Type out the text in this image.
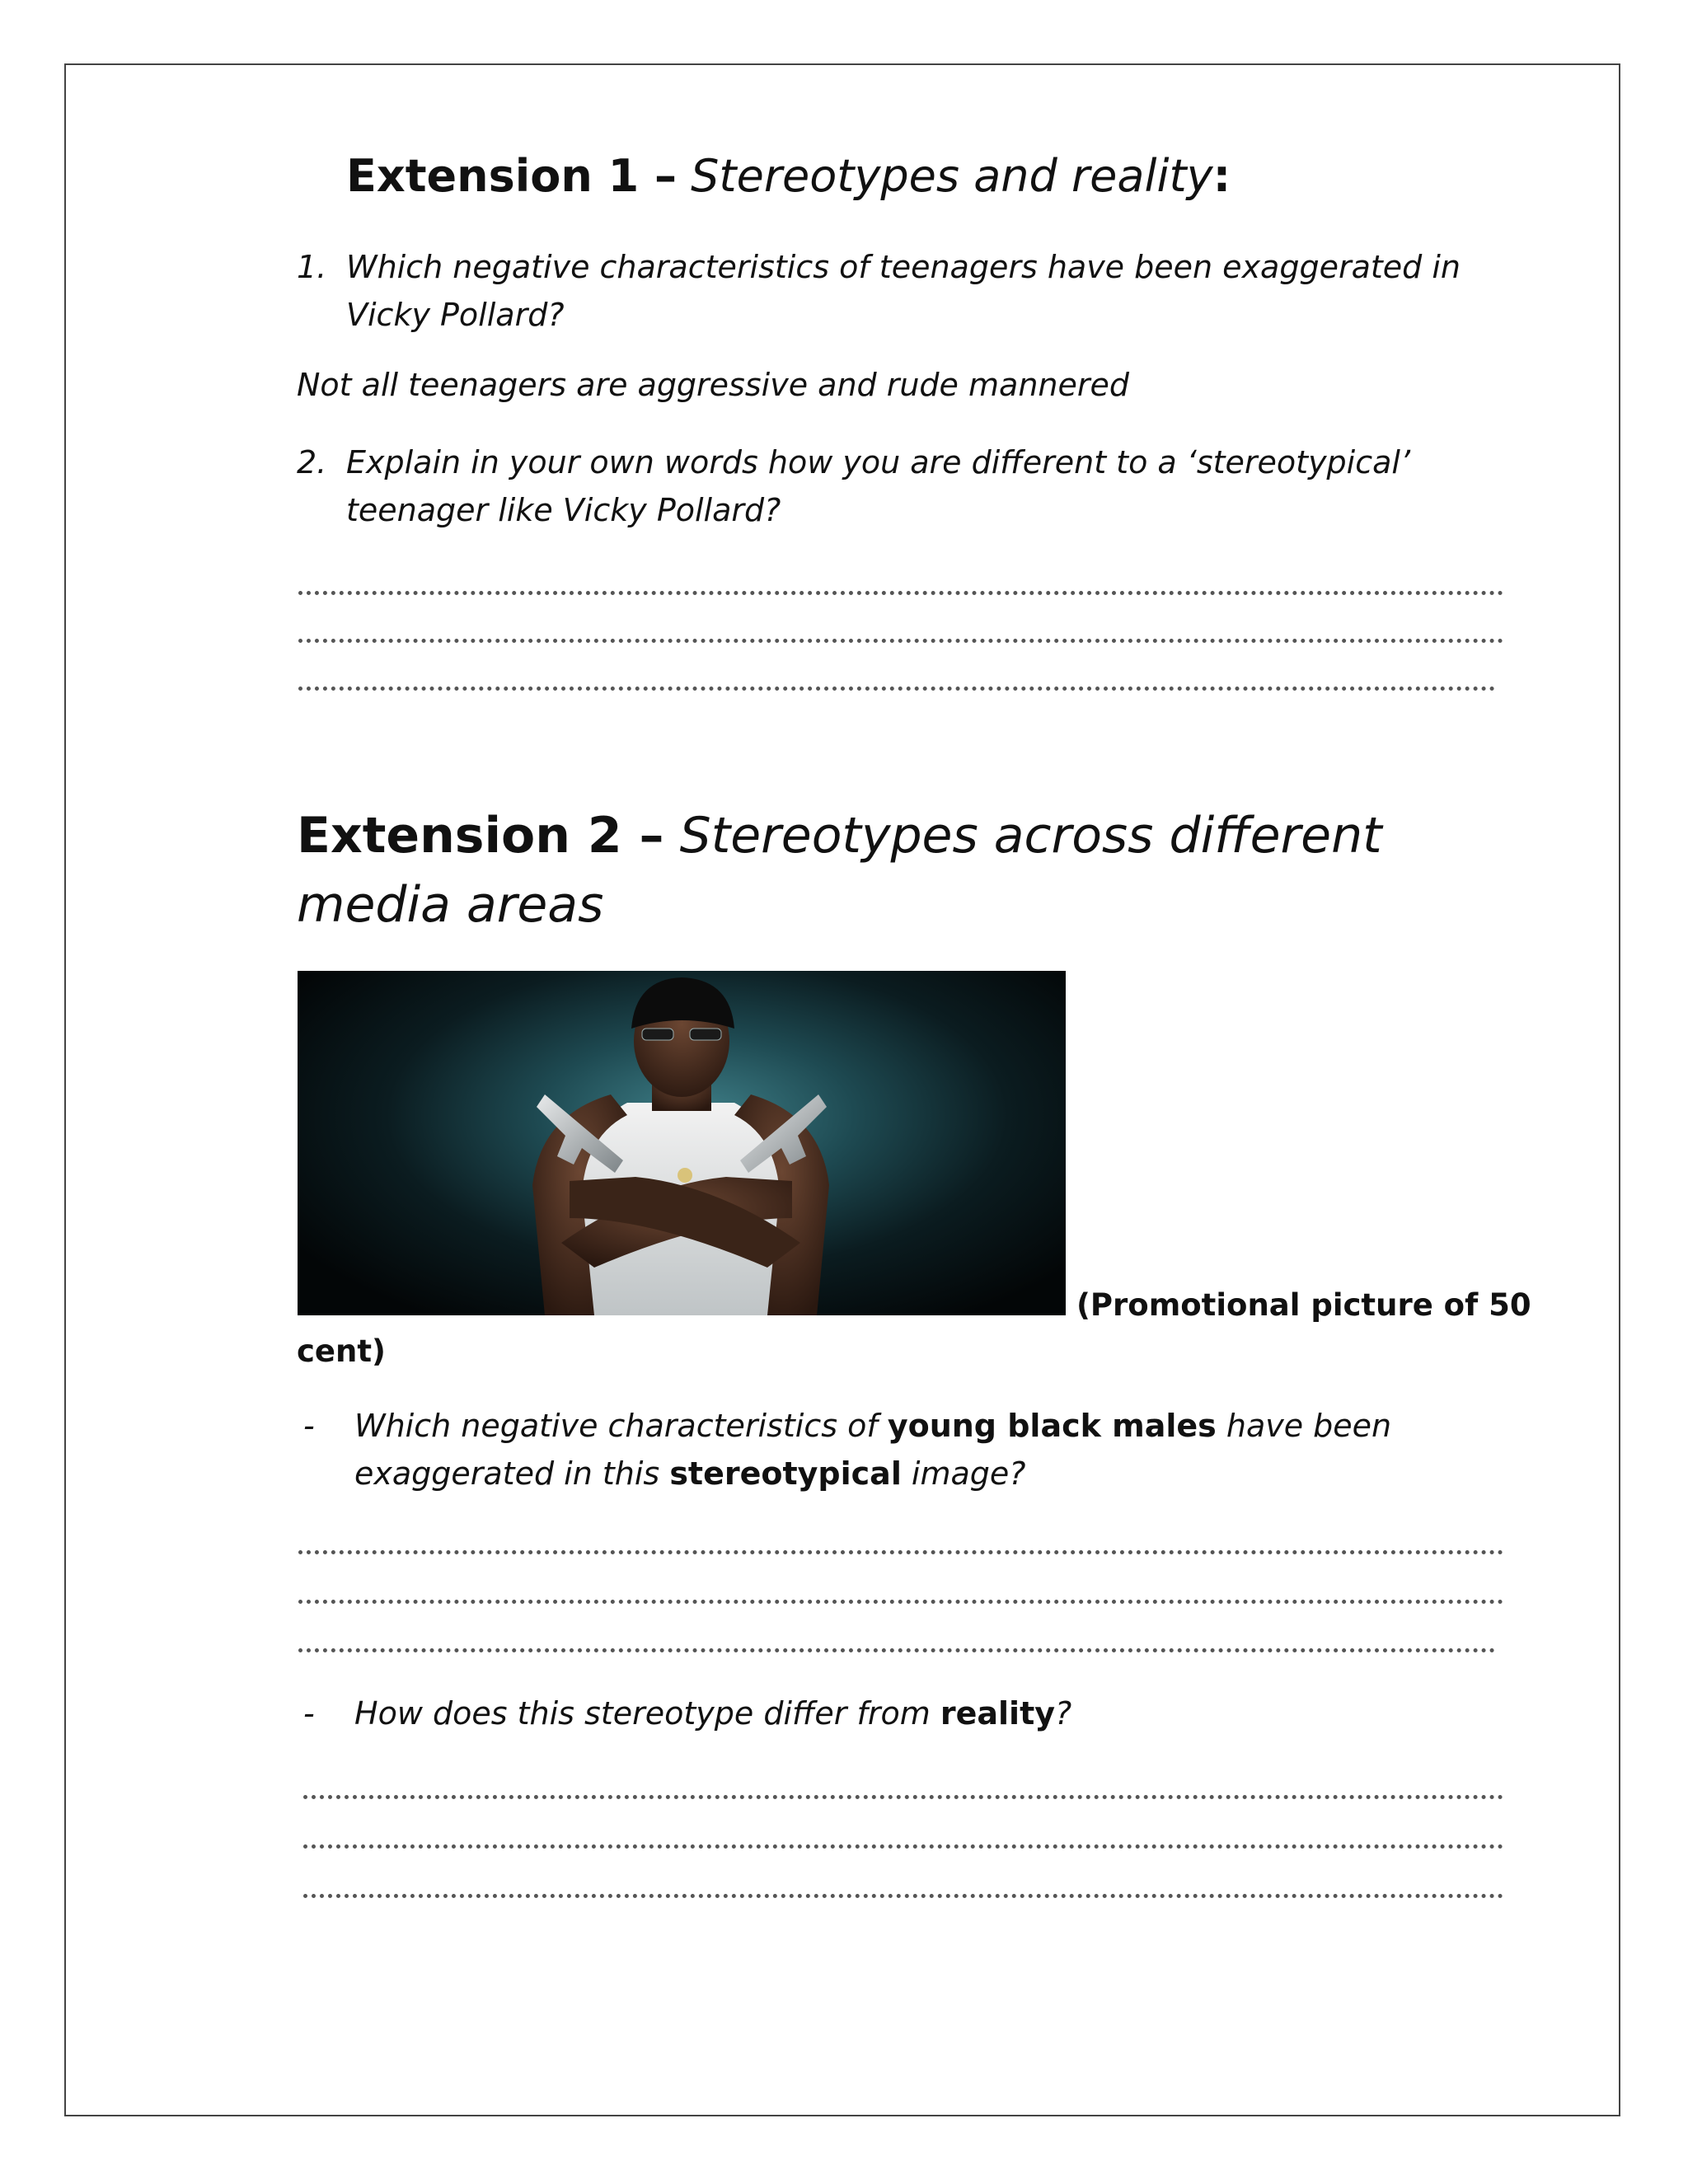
Extension 1 – Stereotypes and reality:
1. Which negative characteristics of teenagers have been exaggerated in Vicky Pollard?
Not all teenagers are aggressive and rude mannered
2. Explain in your own words how you are different to a ‘stereotypical’ teenager like Vicky Pollard?
Extension 2 – Stereotypes across different media areas
(Promotional picture of 50
cent)
- Which negative characteristics of young black males have been exaggerated in this stereotypical image?
- How does this stereotype differ from reality?
